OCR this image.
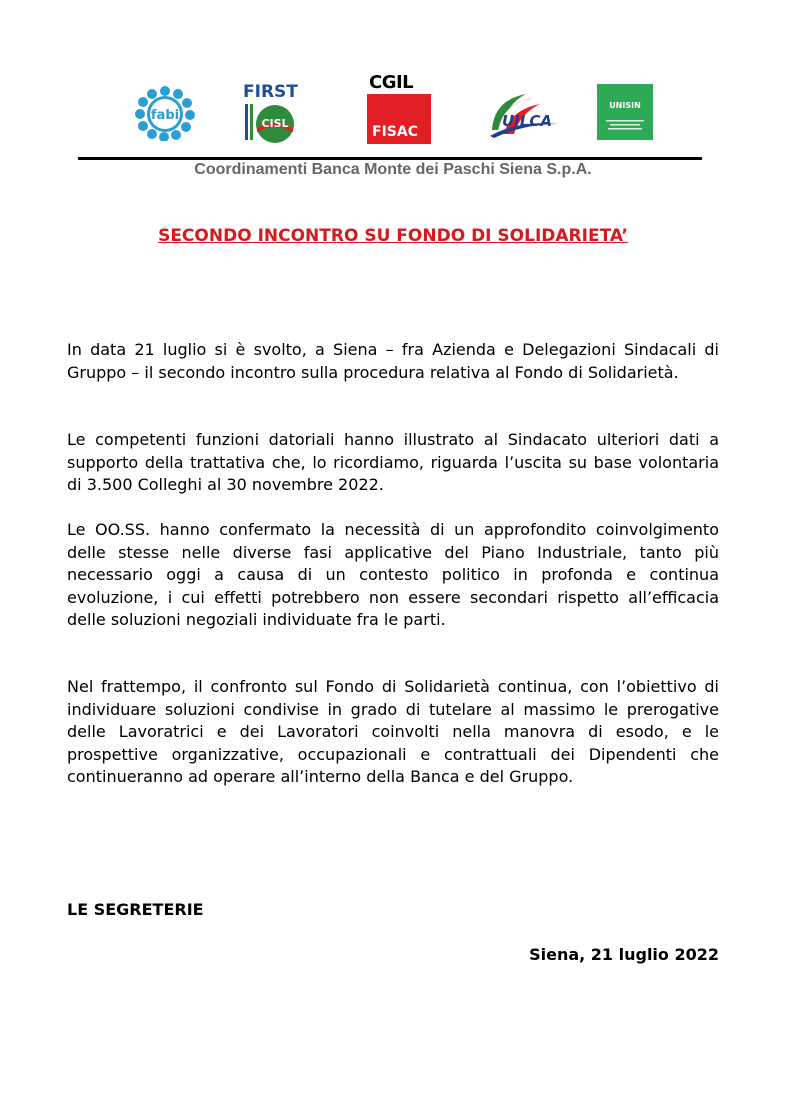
fabi
FIRST
CISL
CGIL
FISAC
UILCA
UNISIN
Coordinamenti Banca Monte dei Paschi Siena S.p.A.
SECONDO INCONTRO SU FONDO DI SOLIDARIETA’

In data 21 luglio si è svolto, a Siena – fra Azienda e Delegazioni Sindacali di Gruppo – il secondo incontro sulla procedura relativa al Fondo di Solidarietà.

Le competenti funzioni datoriali hanno illustrato al Sindacato ulteriori dati a supporto della trattativa che, lo ricordiamo, riguarda l’uscita su base volontaria di 3.500 Colleghi al 30 novembre 2022.

Le OO.SS. hanno confermato la necessità di un approfondito coinvolgimento delle stesse nelle diverse fasi applicative del Piano Industriale, tanto più necessario oggi a causa di un contesto politico in profonda e continua evoluzione, i cui effetti potrebbero non essere secondari rispetto all’efficacia delle soluzioni negoziali individuate fra le parti.

Nel frattempo, il confronto sul Fondo di Solidarietà continua, con l’obiettivo di individuare soluzioni condivise in grado di tutelare al massimo le prerogative delle Lavoratrici e dei Lavoratori coinvolti nella manovra di esodo, e le prospettive organizzative, occupazionali e contrattuali dei Dipendenti che continueranno ad operare all’interno della Banca e del Gruppo.

LE SEGRETERIE
Siena, 21 luglio 2022
